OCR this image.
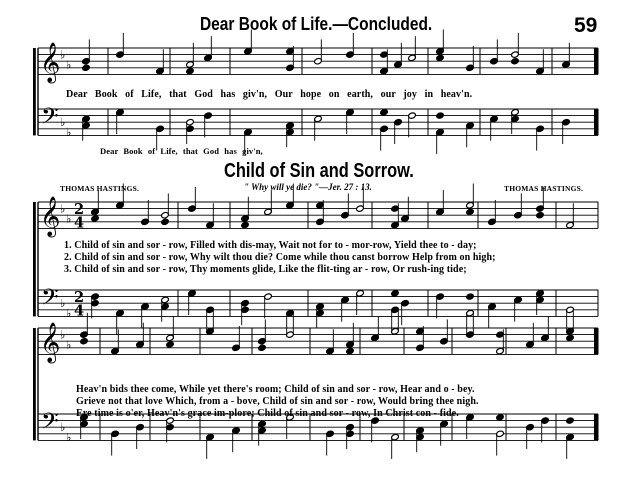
𝄞
𝄢
♭
♭
♭
♭
𝄞
𝄢
♭
♭
♭
♭
2
4
2
4
𝄞
𝄢
♭
♭
♭
♭
Dear Book of Life.—Concluded.	59
Dear Book of Life, that God has giv'n, Our hope on earth, our joy in heav'n.
Dear Book of Life, that God has giv'n,
Child of Sin and Sorrow.
THOMAS HASTINGS.	" Why will ye die? "—Jer. 27 : 13.	THOMAS HASTINGS.
1. Child of sin and sor - row, Filled with dis-may, Wait not for to - mor-row, Yield thee to - day;
2. Child of sin and sor - row, Why wilt thou die? Come while thou canst borrow Help from on high;
3. Child of sin and sor - row, Thy moments glide, Like the flit-ting ar - row, Or rush-ing tide;
Heav'n bids thee come, While yet there's room; Child of sin and sor - row, Hear and o - bey.
Grieve not that love Which, from a - bove, Child of sin and sor - row, Would bring thee nigh.
Ere time is o'er, Heav'n's grace im-plore; Child of sin and sor - row, In Christ con - fide.
